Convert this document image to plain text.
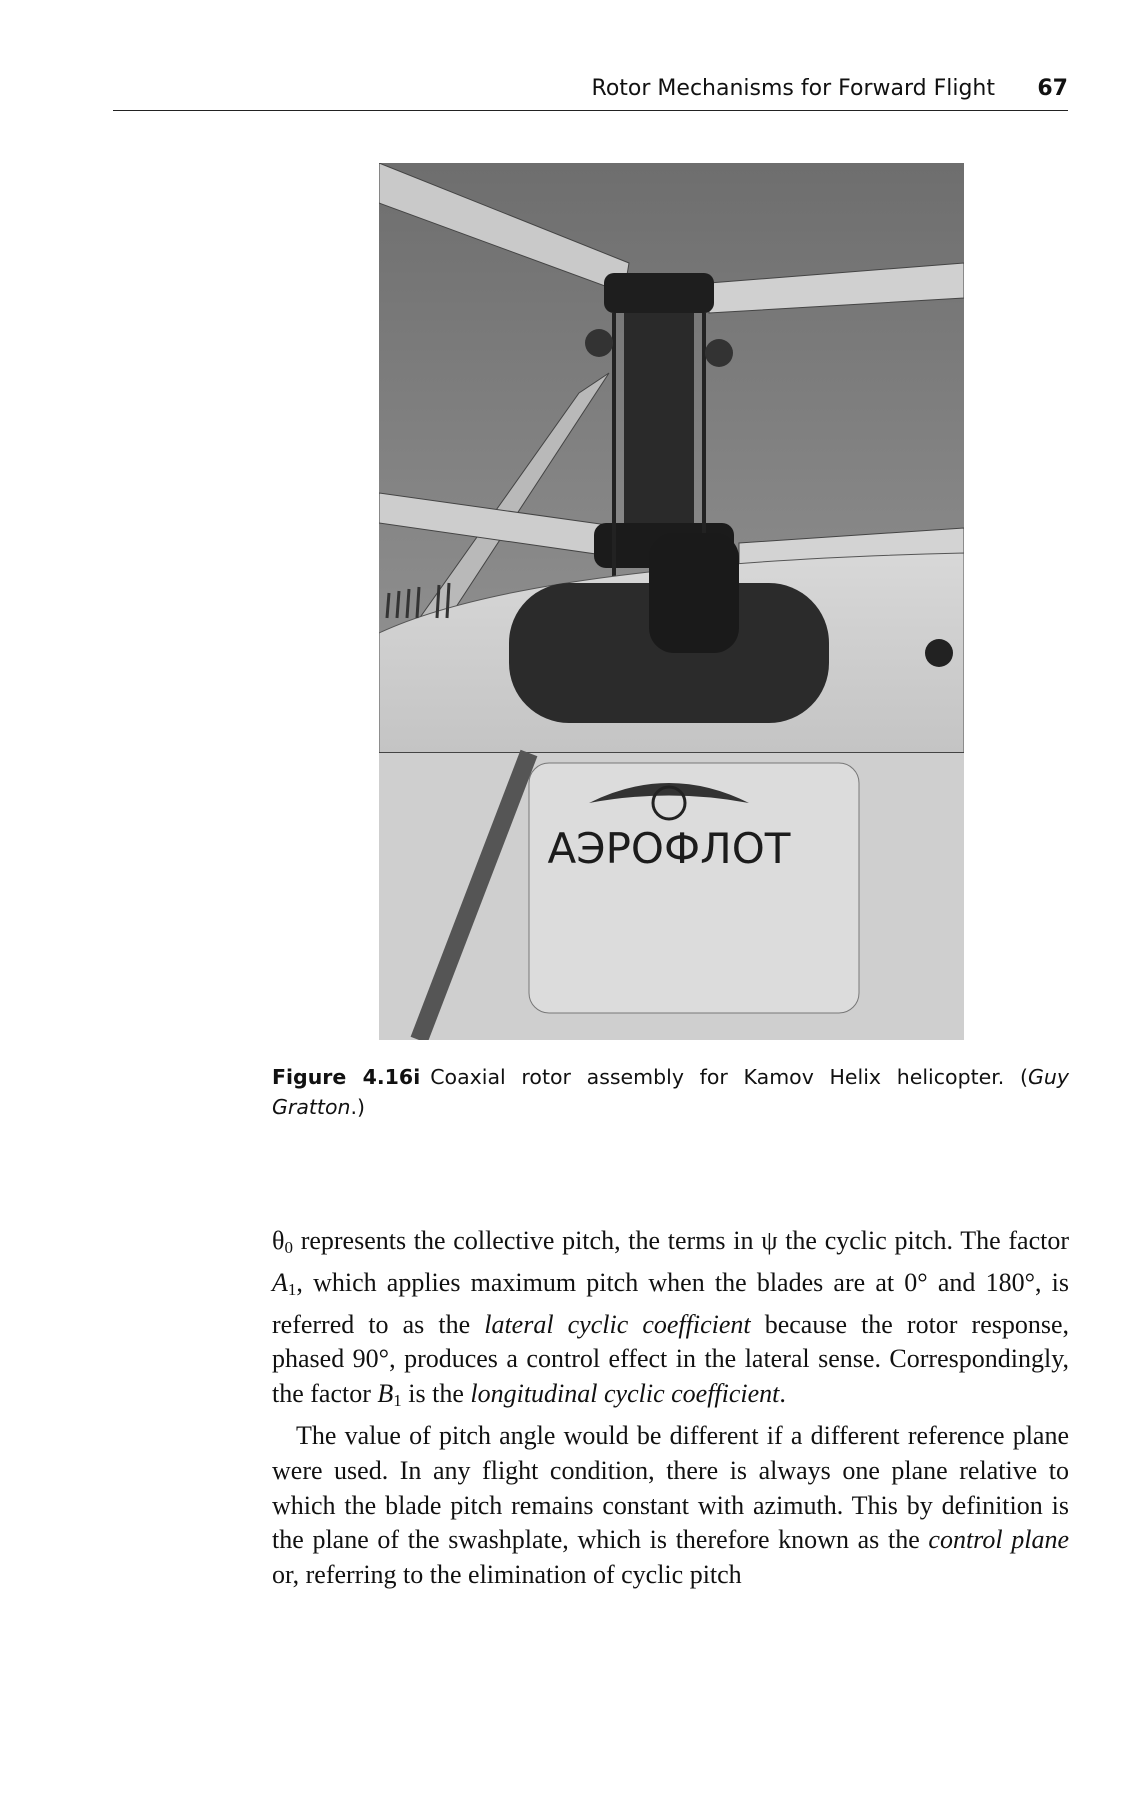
Rotor Mechanisms for Forward Flight 67
АЭРОФЛОТ
Figure 4.16i Coaxial rotor assembly for Kamov Helix helicopter. (Guy Gratton.)

$\theta_0$ represents the collective pitch, the terms in ψ the cyclic pitch. The factor $A_1$, which applies maximum pitch when the blades are at 0° and 180°, is referred to as the lateral cyclic coefficient because the rotor response, phased 90°, produces a control effect in the lateral sense. Correspondingly, the factor $B_1$ is the longitudinal cyclic coefficient.

The value of pitch angle would be different if a different reference plane were used. In any flight condition, there is always one plane relative to which the blade pitch remains constant with azimuth. This by definition is the plane of the swashplate, which is therefore known as the control plane or, referring to the elimination of cyclic pitch
